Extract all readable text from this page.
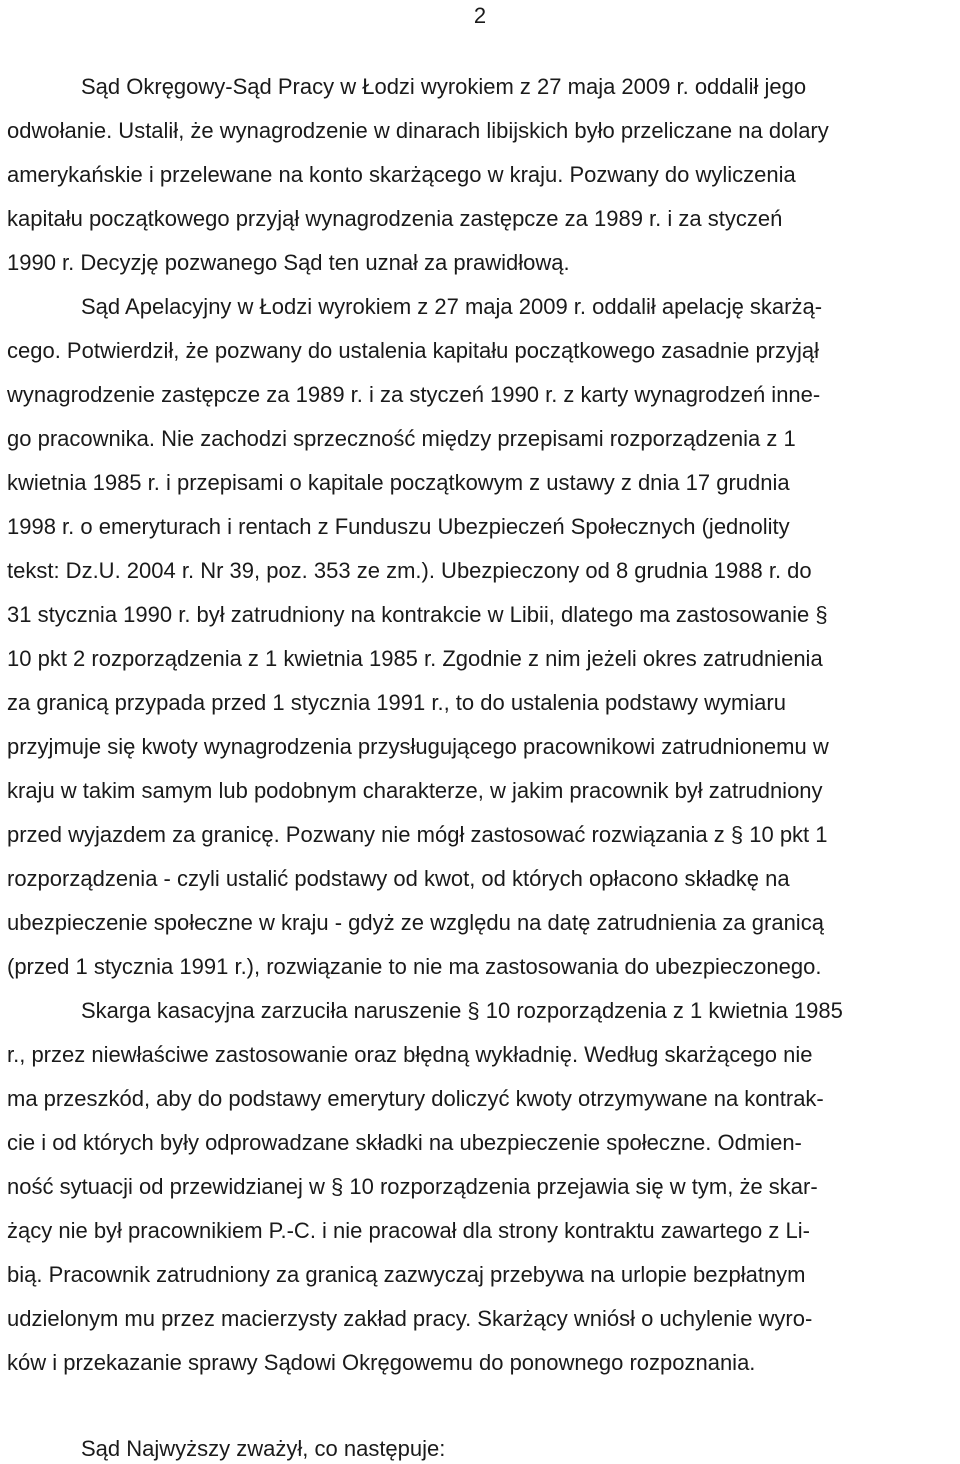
2
Sąd Okręgowy-Sąd Pracy w Łodzi wyrokiem z 27 maja 2009 r. oddalił jego
odwołanie. Ustalił, że wynagrodzenie w dinarach libijskich było przeliczane na dolary
amerykańskie i przelewane na konto skarżącego w kraju. Pozwany do wyliczenia
kapitału początkowego przyjął wynagrodzenia zastępcze za 1989 r. i za styczeń
1990 r. Decyzję pozwanego Sąd ten uznał za prawidłową.
Sąd Apelacyjny w Łodzi wyrokiem z 27 maja 2009 r. oddalił apelację skarżą-
cego. Potwierdził, że pozwany do ustalenia kapitału początkowego zasadnie przyjął
wynagrodzenie zastępcze za 1989 r. i za styczeń 1990 r. z karty wynagrodzeń inne-
go pracownika. Nie zachodzi sprzeczność między przepisami rozporządzenia z 1
kwietnia 1985 r. i przepisami o kapitale początkowym z ustawy z dnia 17 grudnia
1998 r. o emeryturach i rentach z Funduszu Ubezpieczeń Społecznych (jednolity
tekst: Dz.U. 2004 r. Nr 39, poz. 353 ze zm.). Ubezpieczony od 8 grudnia 1988 r. do
31 stycznia 1990 r. był zatrudniony na kontrakcie w Libii, dlatego ma zastosowanie §
10 pkt 2 rozporządzenia z 1 kwietnia 1985 r. Zgodnie z nim jeżeli okres zatrudnienia
za granicą przypada przed 1 stycznia 1991 r., to do ustalenia podstawy wymiaru
przyjmuje się kwoty wynagrodzenia przysługującego pracownikowi zatrudnionemu w
kraju w takim samym lub podobnym charakterze, w jakim pracownik był zatrudniony
przed wyjazdem za granicę. Pozwany nie mógł zastosować rozwiązania z § 10 pkt 1
rozporządzenia - czyli ustalić podstawy od kwot, od których opłacono składkę na
ubezpieczenie społeczne w kraju - gdyż ze względu na datę zatrudnienia za granicą
(przed 1 stycznia 1991 r.), rozwiązanie to nie ma zastosowania do ubezpieczonego.
Skarga kasacyjna zarzuciła naruszenie § 10 rozporządzenia z 1 kwietnia 1985
r., przez niewłaściwe zastosowanie oraz błędną wykładnię. Według skarżącego nie
ma przeszkód, aby do podstawy emerytury doliczyć kwoty otrzymywane na kontrak-
cie i od których były odprowadzane składki na ubezpieczenie społeczne. Odmien-
ność sytuacji od przewidzianej w § 10 rozporządzenia przejawia się w tym, że skar-
żący nie był pracownikiem P.-C. i nie pracował dla strony kontraktu zawartego z Li-
bią. Pracownik zatrudniony za granicą zazwyczaj przebywa na urlopie bezpłatnym
udzielonym mu przez macierzysty zakład pracy. Skarżący wniósł o uchylenie wyro-
ków i przekazanie sprawy Sądowi Okręgowemu do ponownego rozpoznania.
Sąd Najwyższy zważył, co następuje:
